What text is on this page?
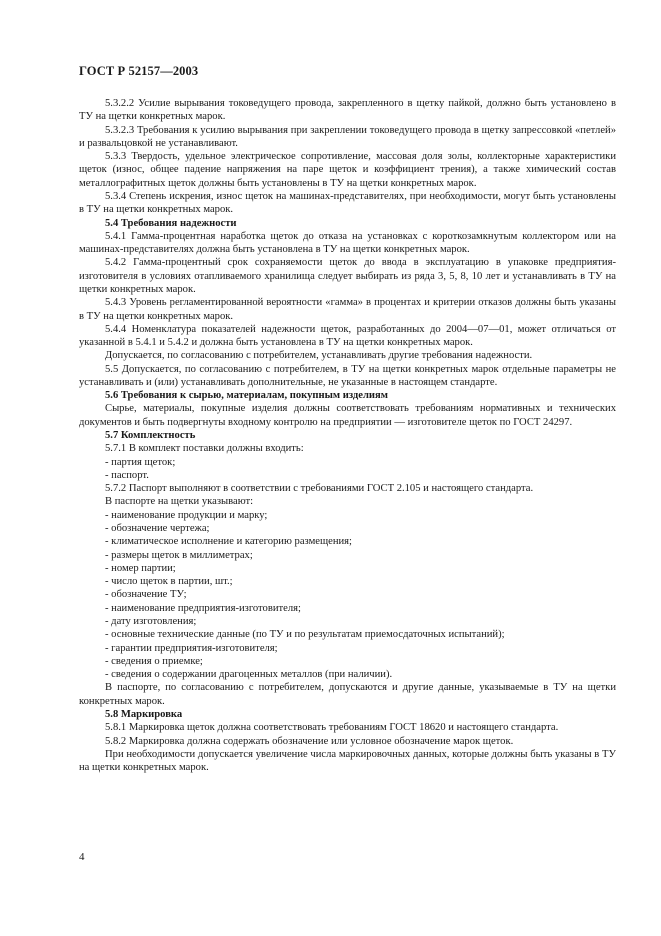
ГОСТ Р 52157—2003

5.3.2.2 Усилие вырывания токоведущего провода, закрепленного в щетку пайкой, должно быть установлено в ТУ на щетки конкретных марок.

5.3.2.3 Требования к усилию вырывания при закреплении токоведущего провода в щетку запрессовкой «петлей» и развальцовкой не устанавливают.

5.3.3 Твердость, удельное электрическое сопротивление, массовая доля золы, коллекторные характеристики щеток (износ, общее падение напряжения на паре щеток и коэффициент трения), а также химический состав металлографитных щеток должны быть установлены в ТУ на щетки конкретных марок.

5.3.4 Степень искрения, износ щеток на машинах-представителях, при необходимости, могут быть установлены в ТУ на щетки конкретных марок.

5.4 Требования надежности

5.4.1 Гамма-процентная наработка щеток до отказа на установках с короткозамкнутым коллектором или на машинах-представителях должна быть установлена в ТУ на щетки конкретных марок.

5.4.2 Гамма-процентный срок сохраняемости щеток до ввода в эксплуатацию в упаковке предприятия-изготовителя в условиях отапливаемого хранилища следует выбирать из ряда 3, 5, 8, 10 лет и устанавливать в ТУ на щетки конкретных марок.

5.4.3 Уровень регламентированной вероятности «гамма» в процентах и критерии отказов должны быть указаны в ТУ на щетки конкретных марок.

5.4.4 Номенклатура показателей надежности щеток, разработанных до 2004—07—01, может отличаться от указанной в 5.4.1 и 5.4.2 и должна быть установлена в ТУ на щетки конкретных марок.

Допускается, по согласованию с потребителем, устанавливать другие требования надежности.

5.5 Допускается, по согласованию с потребителем, в ТУ на щетки конкретных марок отдельные параметры не устанавливать и (или) устанавливать дополнительные, не указанные в настоящем стандарте.

5.6 Требования к сырью, материалам, покупным изделиям

Сырье, материалы, покупные изделия должны соответствовать требованиям нормативных и технических документов и быть подвергнуты входному контролю на предприятии — изготовителе щеток по ГОСТ 24297.

5.7 Комплектность

5.7.1 В комплект поставки должны входить:

- партия щеток;

- паспорт.

5.7.2 Паспорт выполняют в соответствии с требованиями ГОСТ 2.105 и настоящего стандарта.

В паспорте на щетки указывают:

- наименование продукции и марку;

- обозначение чертежа;

- климатическое исполнение и категорию размещения;

- размеры щеток в миллиметрах;

- номер партии;

- число щеток в партии, шт.;

- обозначение ТУ;

- наименование предприятия-изготовителя;

- дату изготовления;

- основные технические данные (по ТУ и по результатам приемосдаточных испытаний);

- гарантии предприятия-изготовителя;

- сведения о приемке;

- сведения о содержании драгоценных металлов (при наличии).

В паспорте, по согласованию с потребителем, допускаются и другие данные, указываемые в ТУ на щетки конкретных марок.

5.8 Маркировка

5.8.1 Маркировка щеток должна соответствовать требованиям ГОСТ 18620 и настоящего стандарта.

5.8.2 Маркировка должна содержать обозначение или условное обозначение марок щеток.

При необходимости допускается увеличение числа маркировочных данных, которые должны быть указаны в ТУ на щетки конкретных марок.

4
